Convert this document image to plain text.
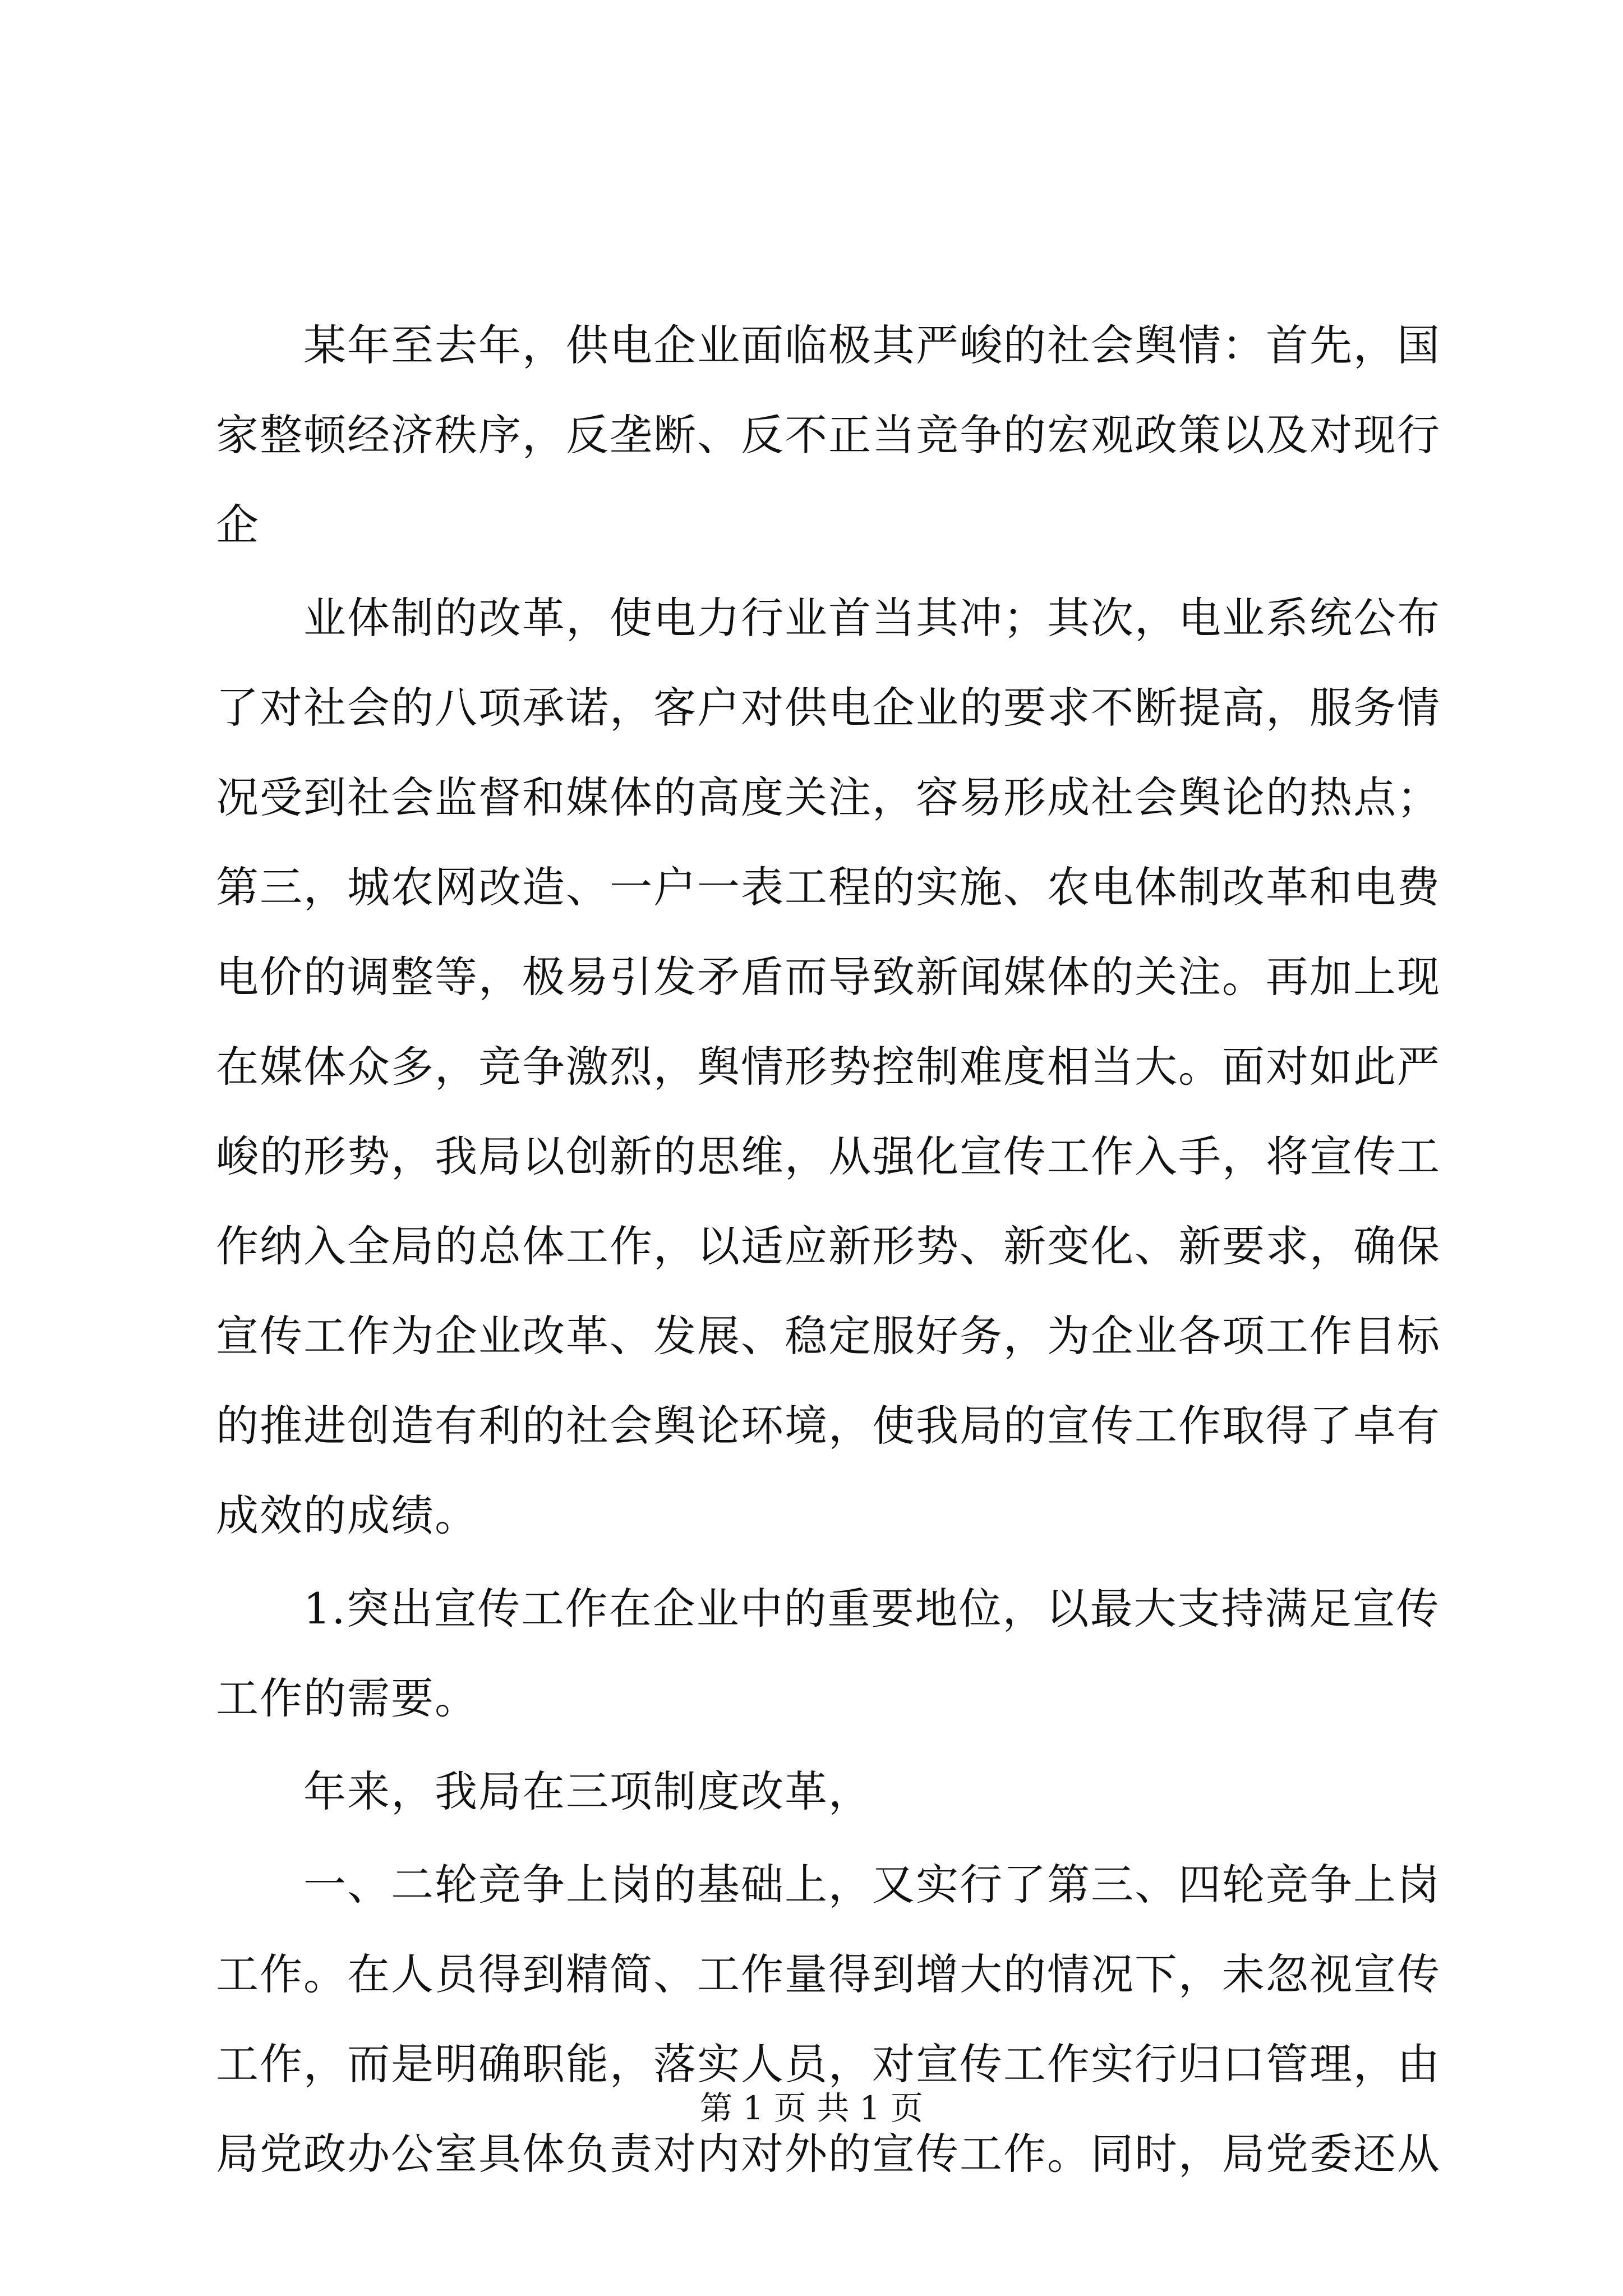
　　某年至去年，供电企业面临极其严峻的社会舆情：首先，国
家整顿经济秩序，反垄断、反不正当竞争的宏观政策以及对现行
企
　　业体制的改革，使电力行业首当其冲；其次，电业系统公布
了对社会的八项承诺，客户对供电企业的要求不断提高，服务情
况受到社会监督和媒体的高度关注，容易形成社会舆论的热点；
第三，城农网改造、一户一表工程的实施、农电体制改革和电费
电价的调整等，极易引发矛盾而导致新闻媒体的关注。再加上现
在媒体众多，竞争激烈，舆情形势控制难度相当大。面对如此严
峻的形势，我局以创新的思维，从强化宣传工作入手，将宣传工
作纳入全局的总体工作，以适应新形势、新变化、新要求，确保
宣传工作为企业改革、发展、稳定服好务，为企业各项工作目标
的推进创造有利的社会舆论环境，使我局的宣传工作取得了卓有
成效的成绩。
　　1.突出宣传工作在企业中的重要地位，以最大支持满足宣传
工作的需要。
　　年来，我局在三项制度改革，
　　一、二轮竞争上岗的基础上，又实行了第三、四轮竞争上岗
工作。在人员得到精简、工作量得到增大的情况下，未忽视宣传
工作，而是明确职能，落实人员，对宣传工作实行归口管理，由
局党政办公室具体负责对内对外的宣传工作。同时，局党委还从
第 1 页 共 1 页
